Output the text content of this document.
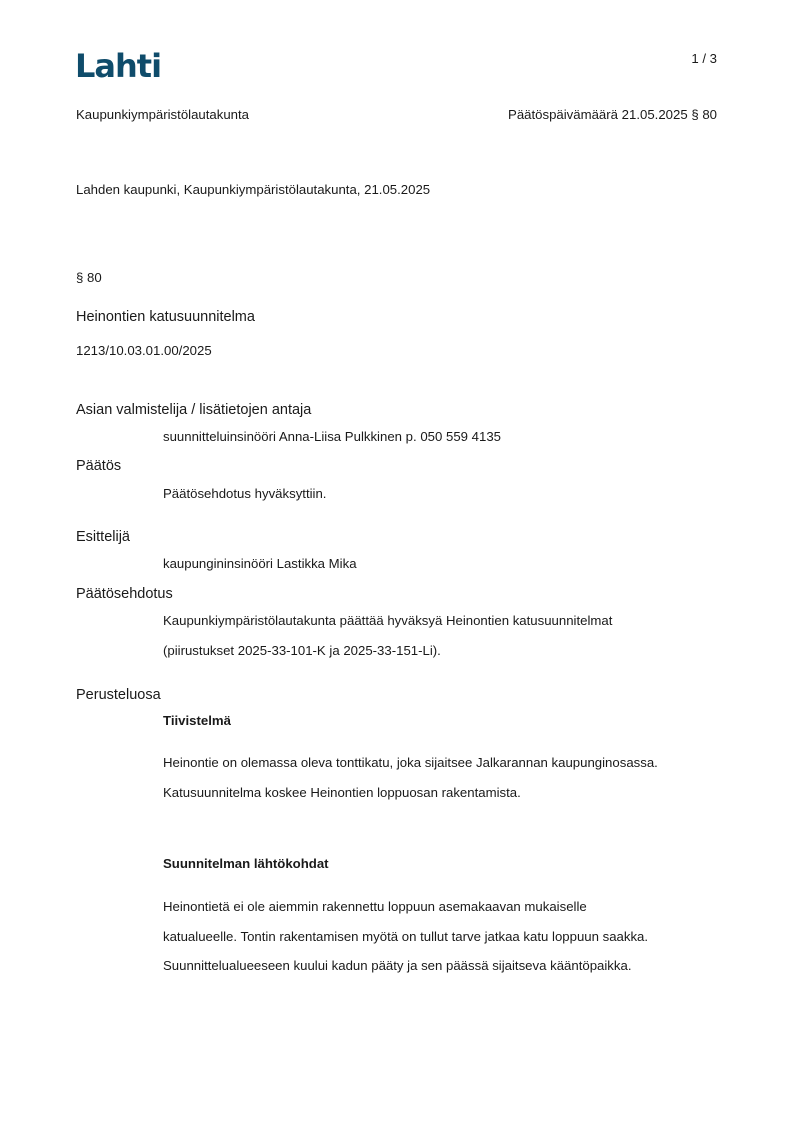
Lahti	1 / 3
Kaupunkiympäristölautakunta	Päätöspäivämäärä 21.05.2025 § 80
Lahden kaupunki, Kaupunkiympäristölautakunta, 21.05.2025
§ 80
Heinontien katusuunnitelma
1213/10.03.01.00/2025
Asian valmistelija / lisätietojen antaja
suunnitteluinsinööri Anna-Liisa Pulkkinen p. 050 559 4135
Päätös
Päätösehdotus hyväksyttiin.
Esittelijä
kaupungininsinööri Lastikka Mika
Päätösehdotus
Kaupunkiympäristölautakunta päättää hyväksyä Heinontien katusuunnitelmat
(piirustukset 2025-33-101-K ja 2025-33-151-Li).
Perusteluosa
Tiivistelmä
Heinontie on olemassa oleva tonttikatu, joka sijaitsee Jalkarannan kaupunginosassa.
Katusuunnitelma koskee Heinontien loppuosan rakentamista.
Suunnitelman lähtökohdat
Heinontietä ei ole aiemmin rakennettu loppuun asemakaavan mukaiselle
katualueelle. Tontin rakentamisen myötä on tullut tarve jatkaa katu loppuun saakka.
Suunnittelualueeseen kuului kadun pääty ja sen päässä sijaitseva kääntöpaikka.
